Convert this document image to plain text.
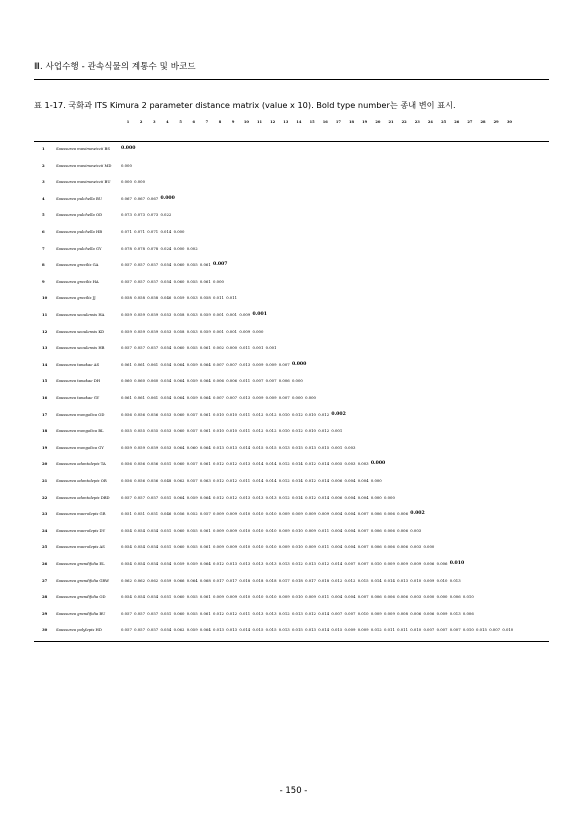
Ⅲ. 사업수행 - 관속식물의 계통수 및 바코드
표 1-17. 국화과 ITS Kimura 2 parameter distance matrix (value x 10). Bold type number는 종내 변이 표시.
1	2	3	4	5	6	7	8	9	10 11 12 13 14 15 16 17 18 19 20 21 22 23 24 25 26 27 28 29 30
1	Saussurea maximowiczii BS 0.000
2	Saussurea maximowiczii MD	0.000
3	Saussurea maximowiczii BU	0.000 0.000
4	Saussurea pulchella BU	0.067 0.067 0.067 0.000
5	Saussurea pulchella OD	0.073 0.073 0.073 0.022
6	Saussurea pulchella HB	0.071 0.071 0.071 0.014 0.000
7	Saussurea pulchella GY	0.078 0.078 0.078 0.024 0.000 0.002
8	Saussurea gracilis GA	0.057 0.057 0.057 0.054 0.060 0.055 0.061 0.007
9	Saussurea gracilis HA	0.057 0.057 0.057 0.054 0.060 0.055 0.061 0.000
10 Saussurea gracilis JJ	0.058 0.058 0.058 0.046 0.059 0.053 0.058 0.011 0.011
11 Saussurea seoulensis HA	0.059 0.059 0.059 0.053 0.058 0.053 0.059 0.001 0.001 0.009 0.001
12 Saussurea seoulensis KD	0.059 0.059 0.059 0.053 0.058 0.053 0.059 0.001 0.001 0.009 0.000
13 Saussurea seoulensis HB	0.057 0.057 0.057 0.054 0.060 0.055 0.061 0.002 0.000 0.011 0.001 0.001
14 Saussurea tanakae AS	0.061 0.061 0.061 0.054 0.064 0.059 0.064 0.007 0.007 0.013 0.009 0.009 0.007 0.000
15 Saussurea tanakae DH	0.060 0.060 0.060 0.054 0.064 0.059 0.064 0.006 0.006 0.011 0.007 0.007 0.006 0.000
16 Saussurea tanakae GY	0.061 0.061 0.061 0.054 0.064 0.059 0.064 0.007 0.007 0.013 0.009 0.009 0.007 0.000 0.000
17 Saussurea mongolica OD	0.056 0.056 0.056 0.053 0.060 0.057 0.061 0.010 0.010 0.011 0.012 0.012 0.010 0.012 0.010 0.012 0.002
18 Saussurea mongolica BL	0.055 0.055 0.055 0.053 0.060 0.057 0.061 0.010 0.010 0.011 0.012 0.012 0.010 0.012 0.010 0.012 0.001
19 Saussurea mongolica GY	0.059 0.059 0.059 0.053 0.064 0.060 0.064 0.013 0.013 0.014 0.015 0.015 0.013 0.015 0.013 0.015 0.001 0.003
20 Saussurea odontolepis TA	0.056 0.056 0.056 0.051 0.060 0.057 0.061 0.012 0.012 0.013 0.014 0.014 0.012 0.014 0.012 0.014 0.005 0.003 0.003 0.000
21 Saussurea odontolepis OR	0.056 0.056 0.056 0.048 0.062 0.057 0.063 0.012 0.012 0.011 0.014 0.014 0.012 0.014 0.012 0.014 0.006 0.004 0.004 0.000
22 Saussurea odontolepis DBD	0.057 0.057 0.057 0.051 0.064 0.059 0.064 0.012 0.012 0.013 0.013 0.013 0.012 0.014 0.012 0.014 0.006 0.004 0.004 0.000 0.000
23 Saussurea macrolepis GR	0.051 0.051 0.051 0.046 0.056 0.052 0.057 0.009 0.009 0.010 0.010 0.010 0.009 0.009 0.009 0.009 0.004 0.004 0.007 0.006 0.006 0.006 0.002
24 Saussurea macrolepis DY	0.054 0.054 0.054 0.051 0.060 0.055 0.061 0.009 0.009 0.010 0.010 0.010 0.009 0.010 0.009 0.011 0.004 0.004 0.007 0.006 0.006 0.006 0.003
25 Saussurea macrolepis AS	0.054 0.054 0.054 0.051 0.060 0.055 0.061 0.009 0.009 0.010 0.010 0.010 0.009 0.010 0.009 0.011 0.004 0.004 0.007 0.006 0.006 0.006 0.003 0.000
26 Saussurea grandifolia EL	0.054 0.054 0.054 0.054 0.059 0.059 0.064 0.012 0.013 0.013 0.013 0.013 0.013 0.012 0.013 0.012 0.014 0.007 0.007 0.010 0.009 0.009 0.009 0.006 0.006 0.010
27 Saussurea grandifolia GRW	0.062 0.062 0.062 0.059 0.066 0.064 0.068 0.017 0.017 0.018 0.018 0.018 0.017 0.018 0.017 0.018 0.012 0.012 0.015 0.014 0.014 0.013 0.010 0.009 0.010 0.013
28 Saussurea grandifolia OD	0.054 0.054 0.054 0.051 0.060 0.055 0.061 0.009 0.009 0.010 0.010 0.010 0.009 0.010 0.009 0.011 0.004 0.004 0.007 0.006 0.006 0.006 0.003 0.000 0.000 0.006 0.010
29 Saussurea grandifolia BU	0.057 0.057 0.057 0.051 0.060 0.055 0.061 0.012 0.012 0.011 0.013 0.013 0.012 0.013 0.012 0.014 0.007 0.007 0.010 0.009 0.009 0.008 0.006 0.006 0.009 0.013 0.006
30 Saussurea polylepis HD	0.057 0.057 0.057 0.054 0.062 0.059 0.064 0.013 0.013 0.014 0.015 0.015 0.013 0.015 0.013 0.014 0.015 0.009 0.009 0.012 0.011 0.011 0.010 0.007 0.007 0.007 0.010 0.015 0.007 0.010
- 150 -
